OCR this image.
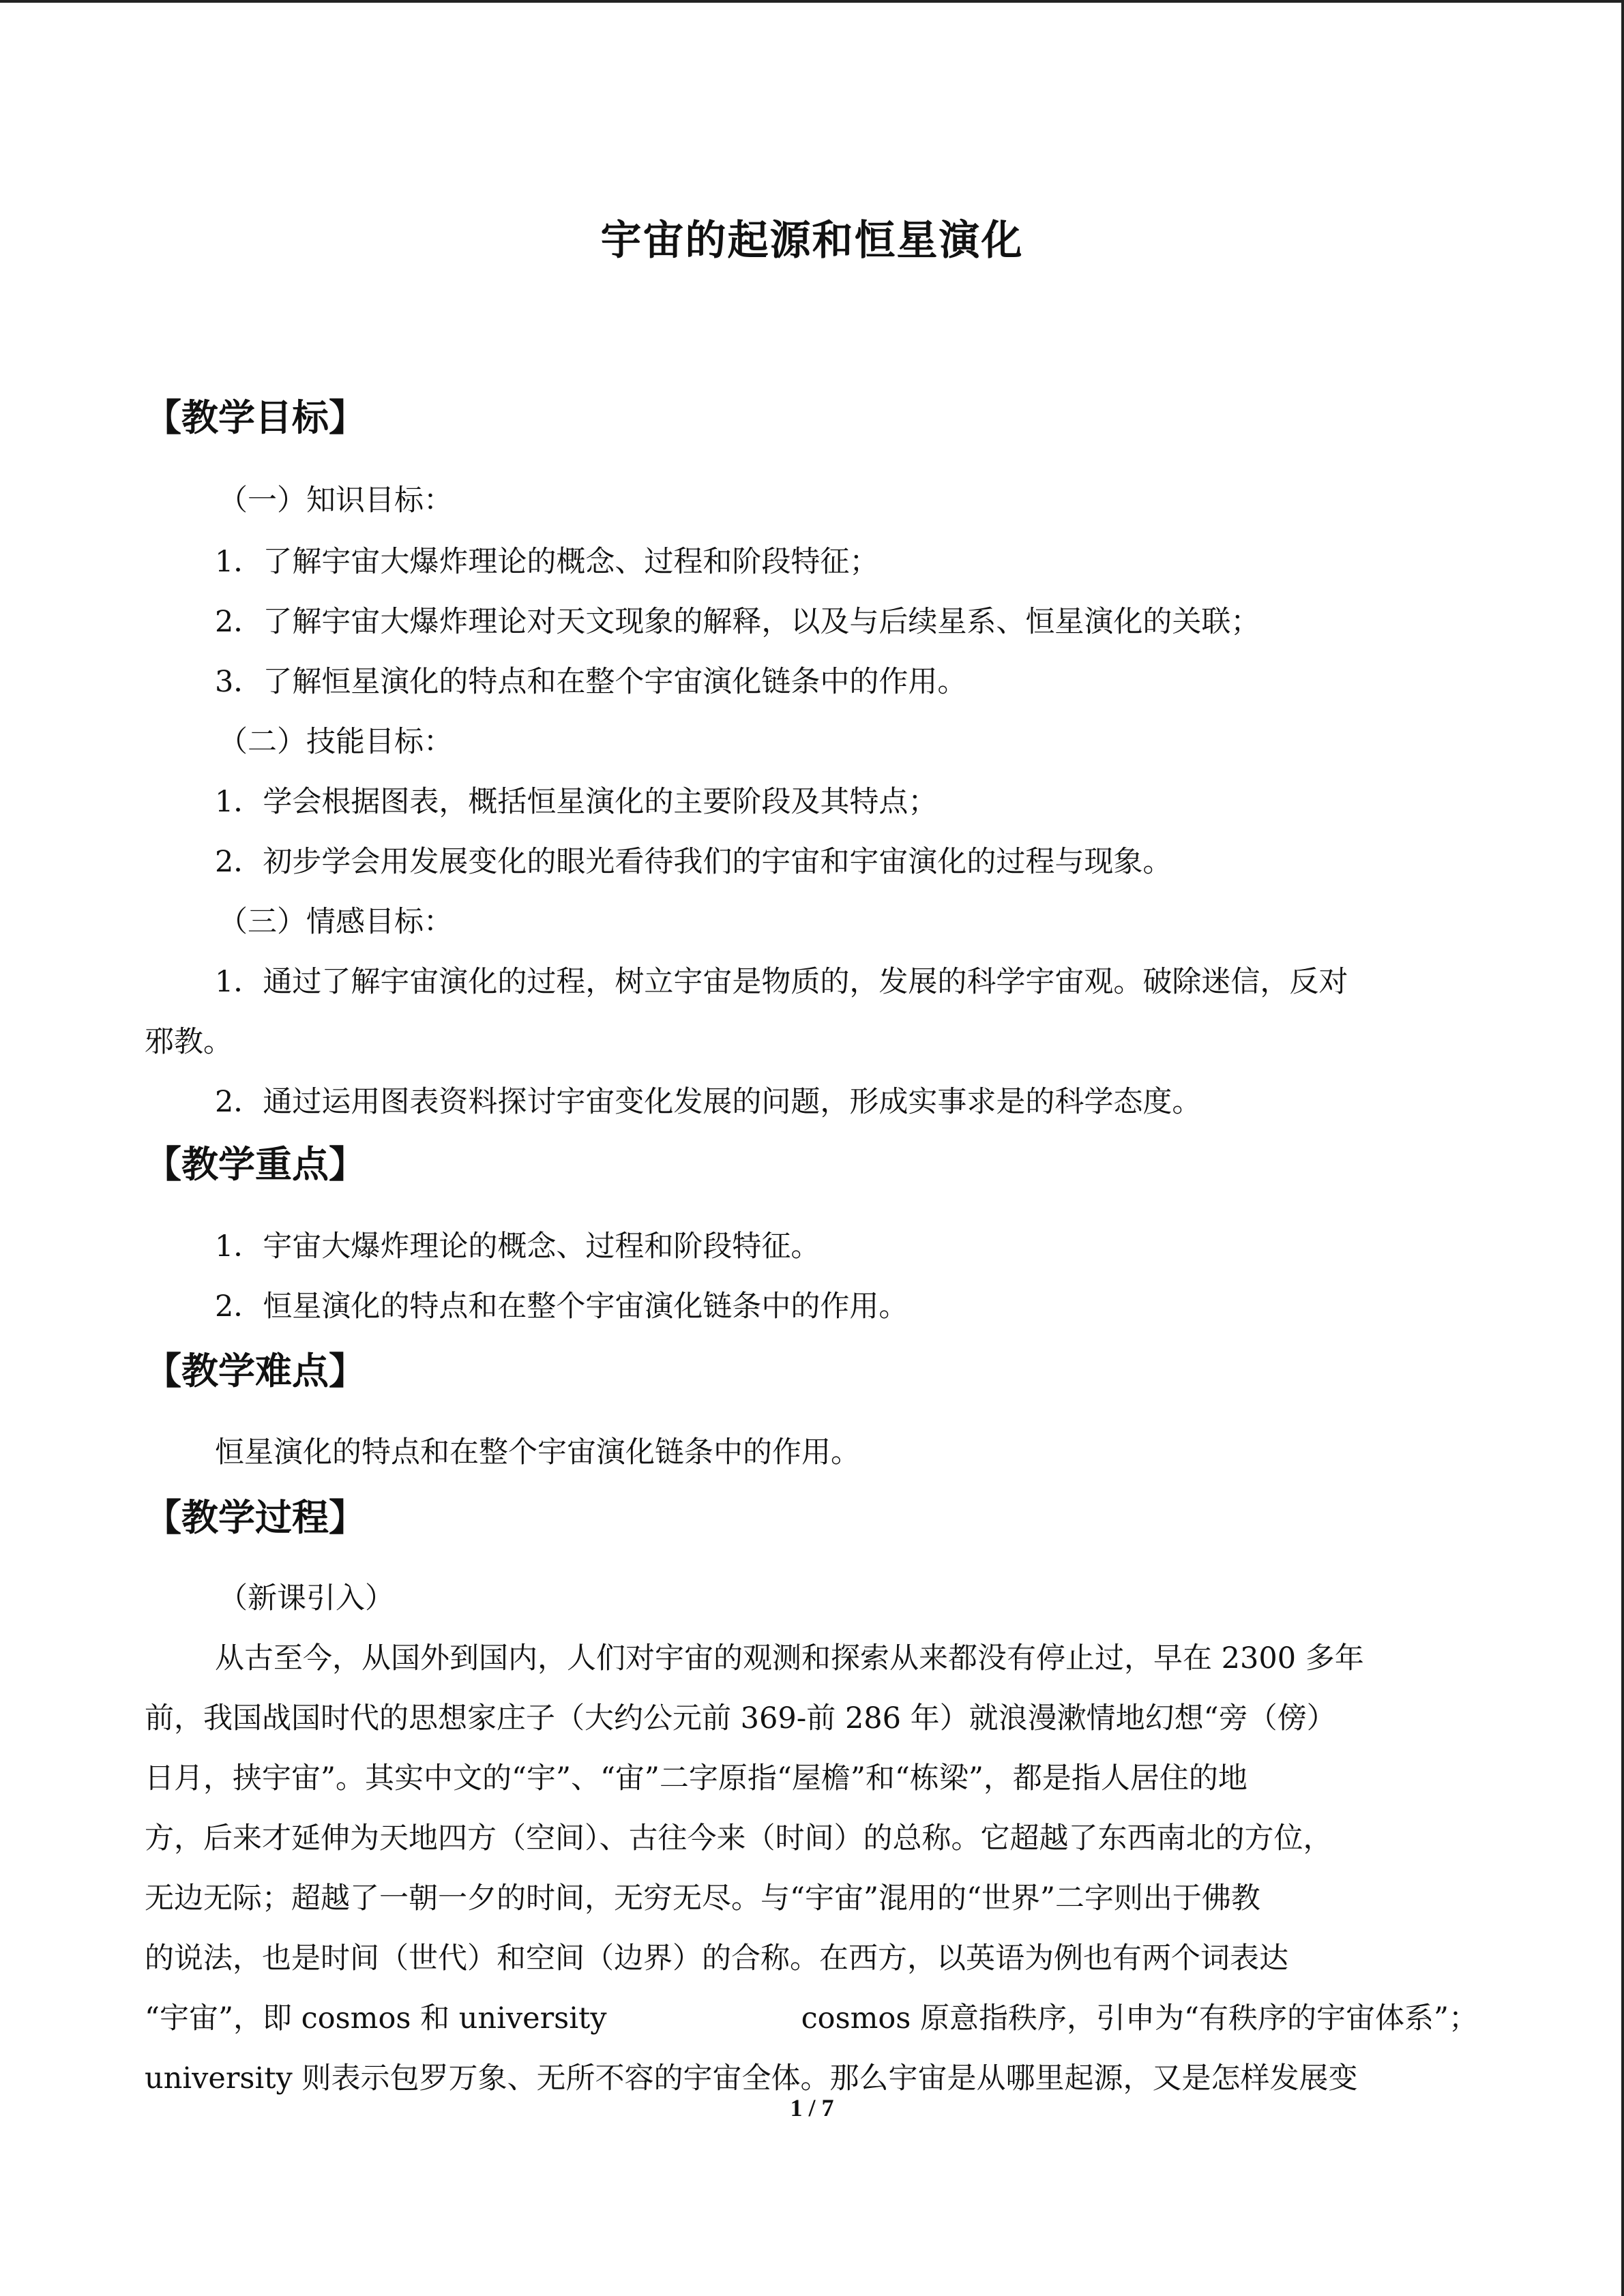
宇宙的起源和恒星演化
【教学目标】
（一）知识目标：
1．了解宇宙大爆炸理论的概念、过程和阶段特征；
2．了解宇宙大爆炸理论对天文现象的解释，以及与后续星系、恒星演化的关联；
3．了解恒星演化的特点和在整个宇宙演化链条中的作用。
（二）技能目标：
1．学会根据图表，概括恒星演化的主要阶段及其特点；
2．初步学会用发展变化的眼光看待我们的宇宙和宇宙演化的过程与现象。
（三）情感目标：
1．通过了解宇宙演化的过程，树立宇宙是物质的，发展的科学宇宙观。破除迷信，反对
邪教。
2．通过运用图表资料探讨宇宙变化发展的问题，形成实事求是的科学态度。
【教学重点】
1．宇宙大爆炸理论的概念、过程和阶段特征。
2．恒星演化的特点和在整个宇宙演化链条中的作用。
【教学难点】
恒星演化的特点和在整个宇宙演化链条中的作用。
【教学过程】
（新课引入）
从古至今，从国外到国内，人们对宇宙的观测和探索从来都没有停止过，早在 2300 多年
前，我国战国时代的思想家庄子（大约公元前 369-前 286 年）就浪漫漱情地幻想“旁（傍）
日月，挟宇宙”。其实中文的“宇”、“宙”二字原指“屋檐”和“栋梁”，都是指人居住的地
方，后来才延伸为天地四方（空间）、古往今来（时间）的总称。它超越了东西南北的方位，
无边无际；超越了一朝一夕的时间，无穷无尽。与“宇宙”混用的“世界”二字则出于佛教
的说法，也是时间（世代）和空间（边界）的合称。在西方，以英语为例也有两个词表达
“宇宙”，即 cosmos 和 university	cosmos 原意指秩序，引申为“有秩序的宇宙体系”；
university 则表示包罗万象、无所不容的宇宙全体。那么宇宙是从哪里起源，又是怎样发展变
1 / 7
